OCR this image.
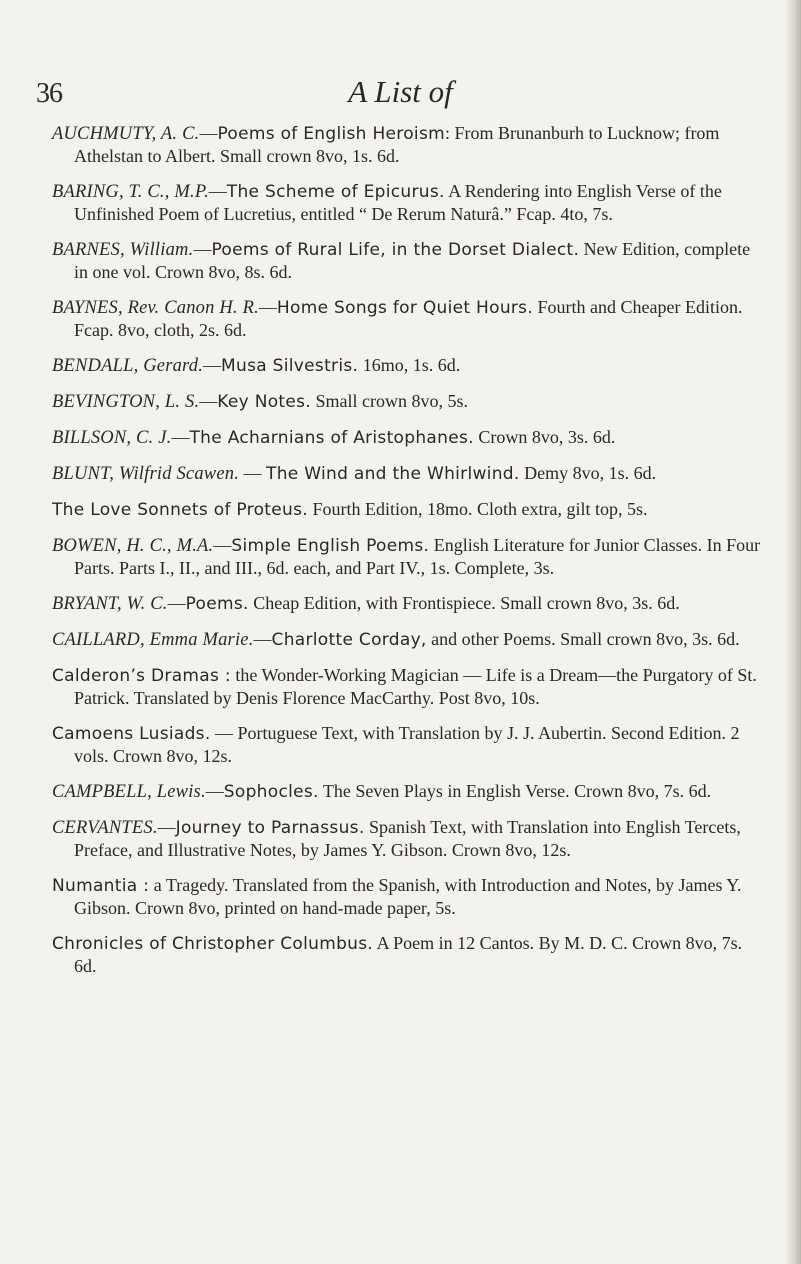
36	A List of
AUCHMUTY, A. C.—Poems of English Heroism: From Brunanburh to Lucknow; from Athelstan to Albert. Small crown 8vo, 1s. 6d.
BARING, T. C., M.P.—The Scheme of Epicurus. A Rendering into English Verse of the Unfinished Poem of Lucretius, entitled “ De Rerum Naturâ.” Fcap. 4to, 7s.
BARNES, William.—Poems of Rural Life, in the Dorset Dialect. New Edition, complete in one vol. Crown 8vo, 8s. 6d.
BAYNES, Rev. Canon H. R.—Home Songs for Quiet Hours. Fourth and Cheaper Edition. Fcap. 8vo, cloth, 2s. 6d.
BENDALL, Gerard.—Musa Silvestris. 16mo, 1s. 6d.
BEVINGTON, L. S.—Key Notes. Small crown 8vo, 5s.
BILLSON, C. J.—The Acharnians of Aristophanes. Crown 8vo, 3s. 6d.
BLUNT, Wilfrid Scawen. — The Wind and the Whirlwind. Demy 8vo, 1s. 6d.
The Love Sonnets of Proteus. Fourth Edition, 18mo. Cloth extra, gilt top, 5s.
BOWEN, H. C., M.A.—Simple English Poems. English Literature for Junior Classes. In Four Parts. Parts I., II., and III., 6d. each, and Part IV., 1s. Complete, 3s.
BRYANT, W. C.—Poems. Cheap Edition, with Frontispiece. Small crown 8vo, 3s. 6d.
CAILLARD, Emma Marie.—Charlotte Corday, and other Poems. Small crown 8vo, 3s. 6d.
Calderon’s Dramas : the Wonder-Working Magician — Life is a Dream—the Purgatory of St. Patrick. Translated by Denis Florence MacCarthy. Post 8vo, 10s.
Camoens Lusiads. — Portuguese Text, with Translation by J. J. Aubertin. Second Edition. 2 vols. Crown 8vo, 12s.
CAMPBELL, Lewis.—Sophocles. The Seven Plays in English Verse. Crown 8vo, 7s. 6d.
CERVANTES.—Journey to Parnassus. Spanish Text, with Translation into English Tercets, Preface, and Illustrative Notes, by James Y. Gibson. Crown 8vo, 12s.
Numantia : a Tragedy. Translated from the Spanish, with Introduction and Notes, by James Y. Gibson. Crown 8vo, printed on hand-made paper, 5s.
Chronicles of Christopher Columbus. A Poem in 12 Cantos. By M. D. C. Crown 8vo, 7s. 6d.
